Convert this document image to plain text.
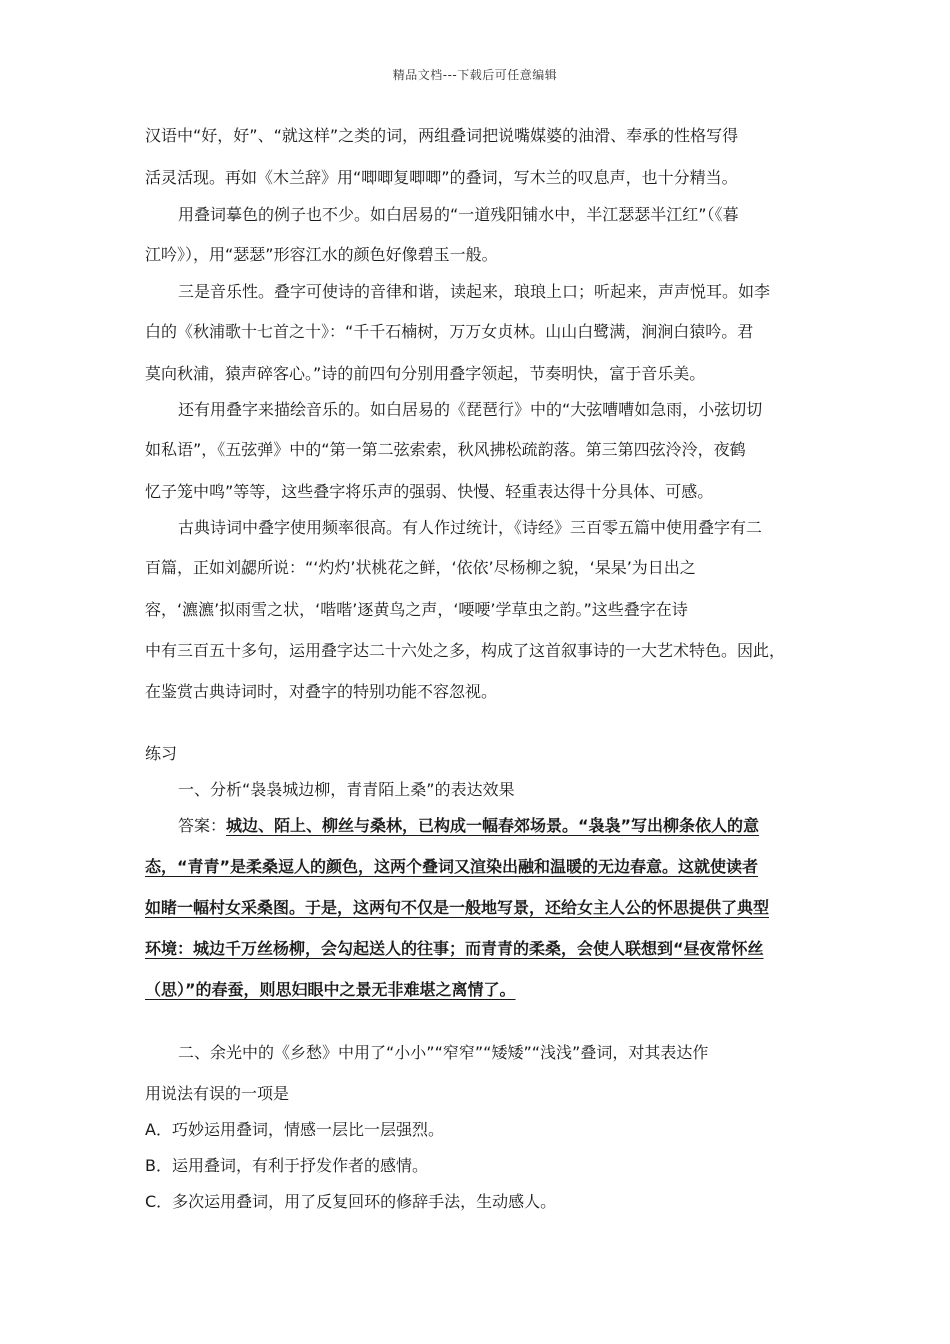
精品文档---下载后可任意编辑
汉语中“好，好”、“就这样”之类的词，两组叠词把说嘴媒婆的油滑、奉承的性格写得
活灵活现。再如《木兰辞》用“唧唧复唧唧”的叠词，写木兰的叹息声，也十分精当。
用叠词摹色的例子也不少。如白居易的“一道残阳铺水中，半江瑟瑟半江红”（《暮
江吟》），用“瑟瑟”形容江水的颜色好像碧玉一般。
三是音乐性。叠字可使诗的音律和谐，读起来，琅琅上口；听起来，声声悦耳。如李
白的《秋浦歌十七首之十》：“千千石楠树，万万女贞林。山山白鹭满，涧涧白猿吟。君
莫向秋浦，猿声碎客心。”诗的前四句分别用叠字领起，节奏明快，富于音乐美。
还有用叠字来描绘音乐的。如白居易的《琵琶行》中的“大弦嘈嘈如急雨，小弦切切
如私语”，《五弦弹》中的“第一第二弦索索，秋风拂松疏韵落。第三第四弦泠泠，夜鹤
忆子笼中鸣”等等，这些叠字将乐声的强弱、快慢、轻重表达得十分具体、可感。
古典诗词中叠字使用频率很高。有人作过统计，《诗经》三百零五篇中使用叠字有二
百篇，正如刘勰所说：“‘灼灼’状桃花之鲜，‘依依’尽杨柳之貌，‘杲杲’为日出之
容，‘瀌瀌’拟雨雪之状，‘喈喈’逐黄鸟之声，‘喓喓’学草虫之韵。”这些叠字在诗
中有三百五十多句，运用叠字达二十六处之多，构成了这首叙事诗的一大艺术特色。因此，
在鉴赏古典诗词时，对叠字的特别功能不容忽视。
练习
一、分析“袅袅城边柳，青青陌上桑”的表达效果
答案：城边、陌上、柳丝与桑林，已构成一幅春郊场景。“袅袅”写出柳条依人的意
态，“青青”是柔桑逗人的颜色，这两个叠词又渲染出融和温暖的无边春意。这就使读者
如睹一幅村女采桑图。于是，这两句不仅是一般地写景，还给女主人公的怀思提供了典型
环境：城边千万丝杨柳，会勾起送人的往事；而青青的柔桑，会使人联想到“昼夜常怀丝
（思）”的春蚕，则思妇眼中之景无非难堪之离情了。
二、余光中的《乡愁》中用了“小小”“窄窄”“矮矮”“浅浅”叠词，对其表达作
用说法有误的一项是
A．巧妙运用叠词，情感一层比一层强烈。
B．运用叠词，有利于抒发作者的感情。
C．多次运用叠词，用了反复回环的修辞手法，生动感人。
